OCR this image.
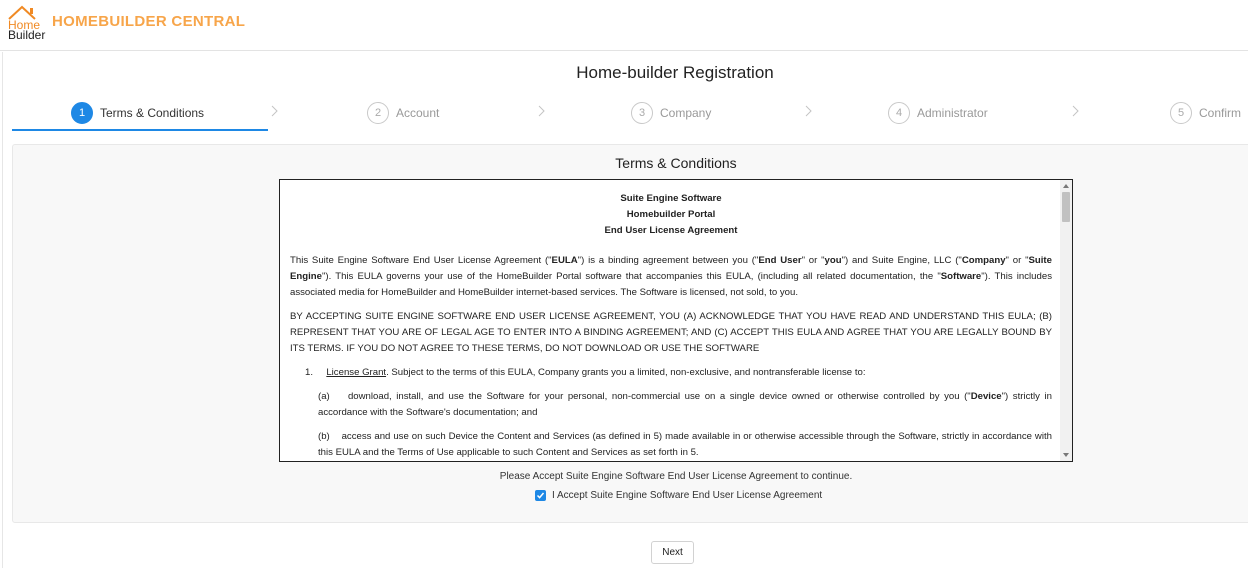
Home
Builder
HOMEBUILDER CENTRAL
Home-builder Registration
1	Terms & Conditions	2	Account	3	Company	4	Administrator	5	Confirm
Terms & Conditions
Suite Engine Software
Homebuilder Portal
End User License Agreement
This Suite Engine Software End User License Agreement ("EULA") is a binding agreement between you ("End User" or "you") and Suite Engine, LLC ("Company" or "Suite Engine"). This EULA governs your use of the HomeBuilder Portal software that accompanies this EULA, (including all related documentation, the "Software"). This includes associated media for HomeBuilder and HomeBuilder internet-based services. The Software is licensed, not sold, to you.
BY ACCEPTING SUITE ENGINE SOFTWARE END USER LICENSE AGREEMENT, YOU (A) ACKNOWLEDGE THAT YOU HAVE READ AND UNDERSTAND THIS EULA; (B) REPRESENT THAT YOU ARE OF LEGAL AGE TO ENTER INTO A BINDING AGREEMENT; AND (C) ACCEPT THIS EULA AND AGREE THAT YOU ARE LEGALLY BOUND BY ITS TERMS. IF YOU DO NOT AGREE TO THESE TERMS, DO NOT DOWNLOAD OR USE THE SOFTWARE
1. License Grant. Subject to the terms of this EULA, Company grants you a limited, non-exclusive, and nontransferable license to:
(a) download, install, and use the Software for your personal, non-commercial use on a single device owned or otherwise controlled by you ("Device") strictly in accordance with the Software's documentation; and
(b) access and use on such Device the Content and Services (as defined in 5) made available in or otherwise accessible through the Software, strictly in accordance with this EULA and the Terms of Use applicable to such Content and Services as set forth in 5.
Please Accept Suite Engine Software End User License Agreement to continue.
I Accept Suite Engine Software End User License Agreement
Next
